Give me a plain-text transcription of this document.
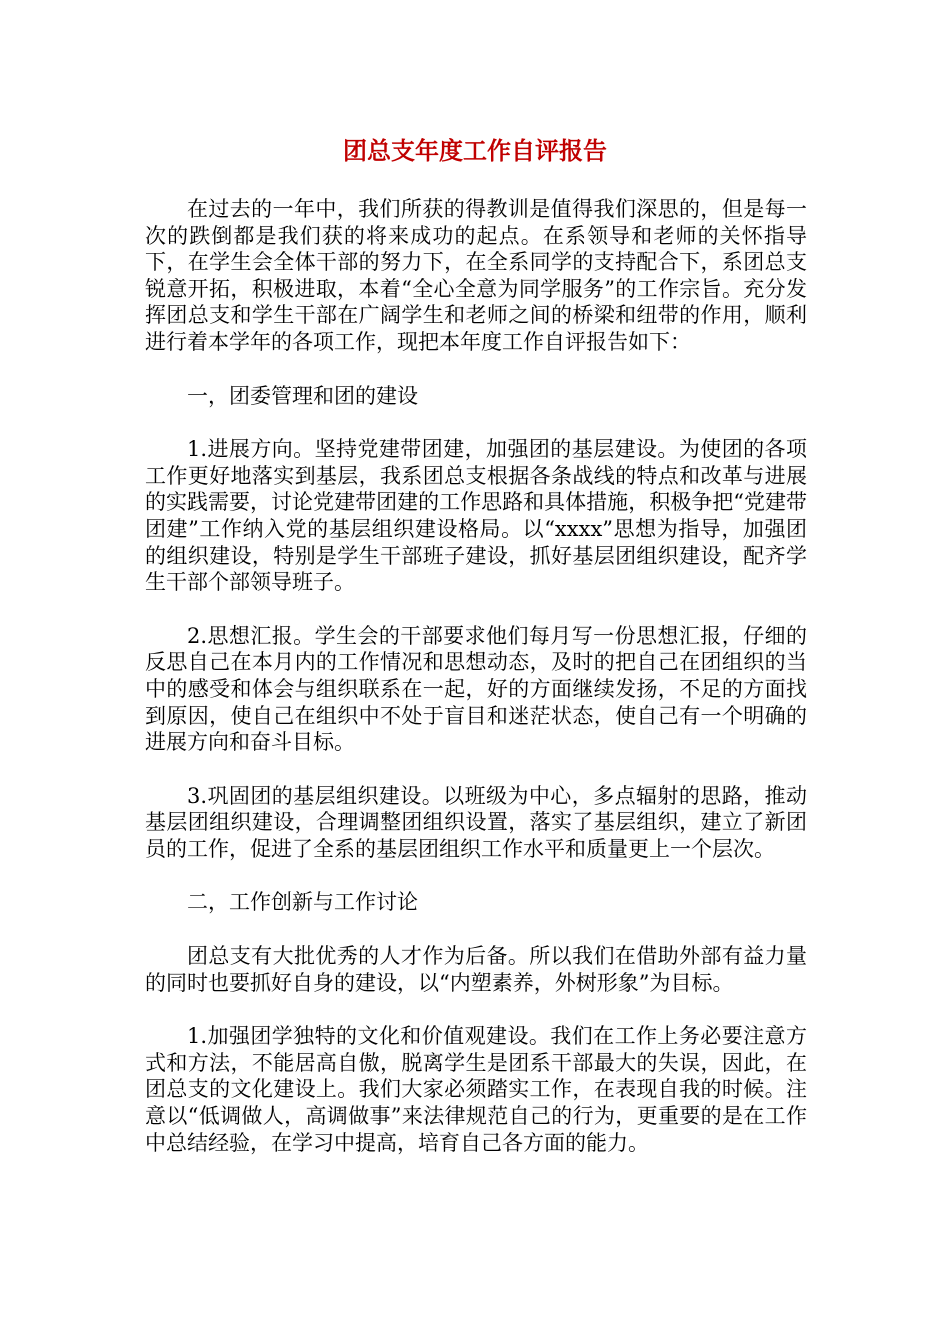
团总支年度工作自评报告

在过去的一年中，我们所获的得教训是值得我们深思的，但是每一次的跌倒都是我们获的将来成功的起点。在系领导和老师的关怀指导下，在学生会全体干部的努力下，在全系同学的支持配合下，系团总支锐意开拓，积极进取，本着“全心全意为同学服务”的工作宗旨。充分发挥团总支和学生干部在广阔学生和老师之间的桥梁和纽带的作用，顺利进行着本学年的各项工作，现把本年度工作自评报告如下：

一，团委管理和团的建设

1.进展方向。坚持党建带团建，加强团的基层建设。为使团的各项工作更好地落实到基层，我系团总支根据各条战线的特点和改革与进展的实践需要，讨论党建带团建的工作思路和具体措施，积极争把“党建带团建”工作纳入党的基层组织建设格局。以“xxxx”思想为指导，加强团的组织建设，特别是学生干部班子建设，抓好基层团组织建设，配齐学生干部个部领导班子。

2.思想汇报。学生会的干部要求他们每月写一份思想汇报，仔细的反思自己在本月内的工作情况和思想动态，及时的把自己在团组织的当中的感受和体会与组织联系在一起，好的方面继续发扬，不足的方面找到原因，使自己在组织中不处于盲目和迷茫状态，使自己有一个明确的进展方向和奋斗目标。

3.巩固团的基层组织建设。以班级为中心，多点辐射的思路，推动基层团组织建设，合理调整团组织设置，落实了基层组织，建立了新团员的工作，促进了全系的基层团组织工作水平和质量更上一个层次。

二，工作创新与工作讨论

团总支有大批优秀的人才作为后备。所以我们在借助外部有益力量的同时也要抓好自身的建设，以“内塑素养，外树形象”为目标。

1.加强团学独特的文化和价值观建设。我们在工作上务必要注意方式和方法，不能居高自傲，脱离学生是团系干部最大的失误，因此，在团总支的文化建设上。我们大家必须踏实工作，在表现自我的时候。注意以“低调做人，高调做事”来法律规范自己的行为，更重要的是在工作中总结经验，在学习中提高，培育自己各方面的能力。
